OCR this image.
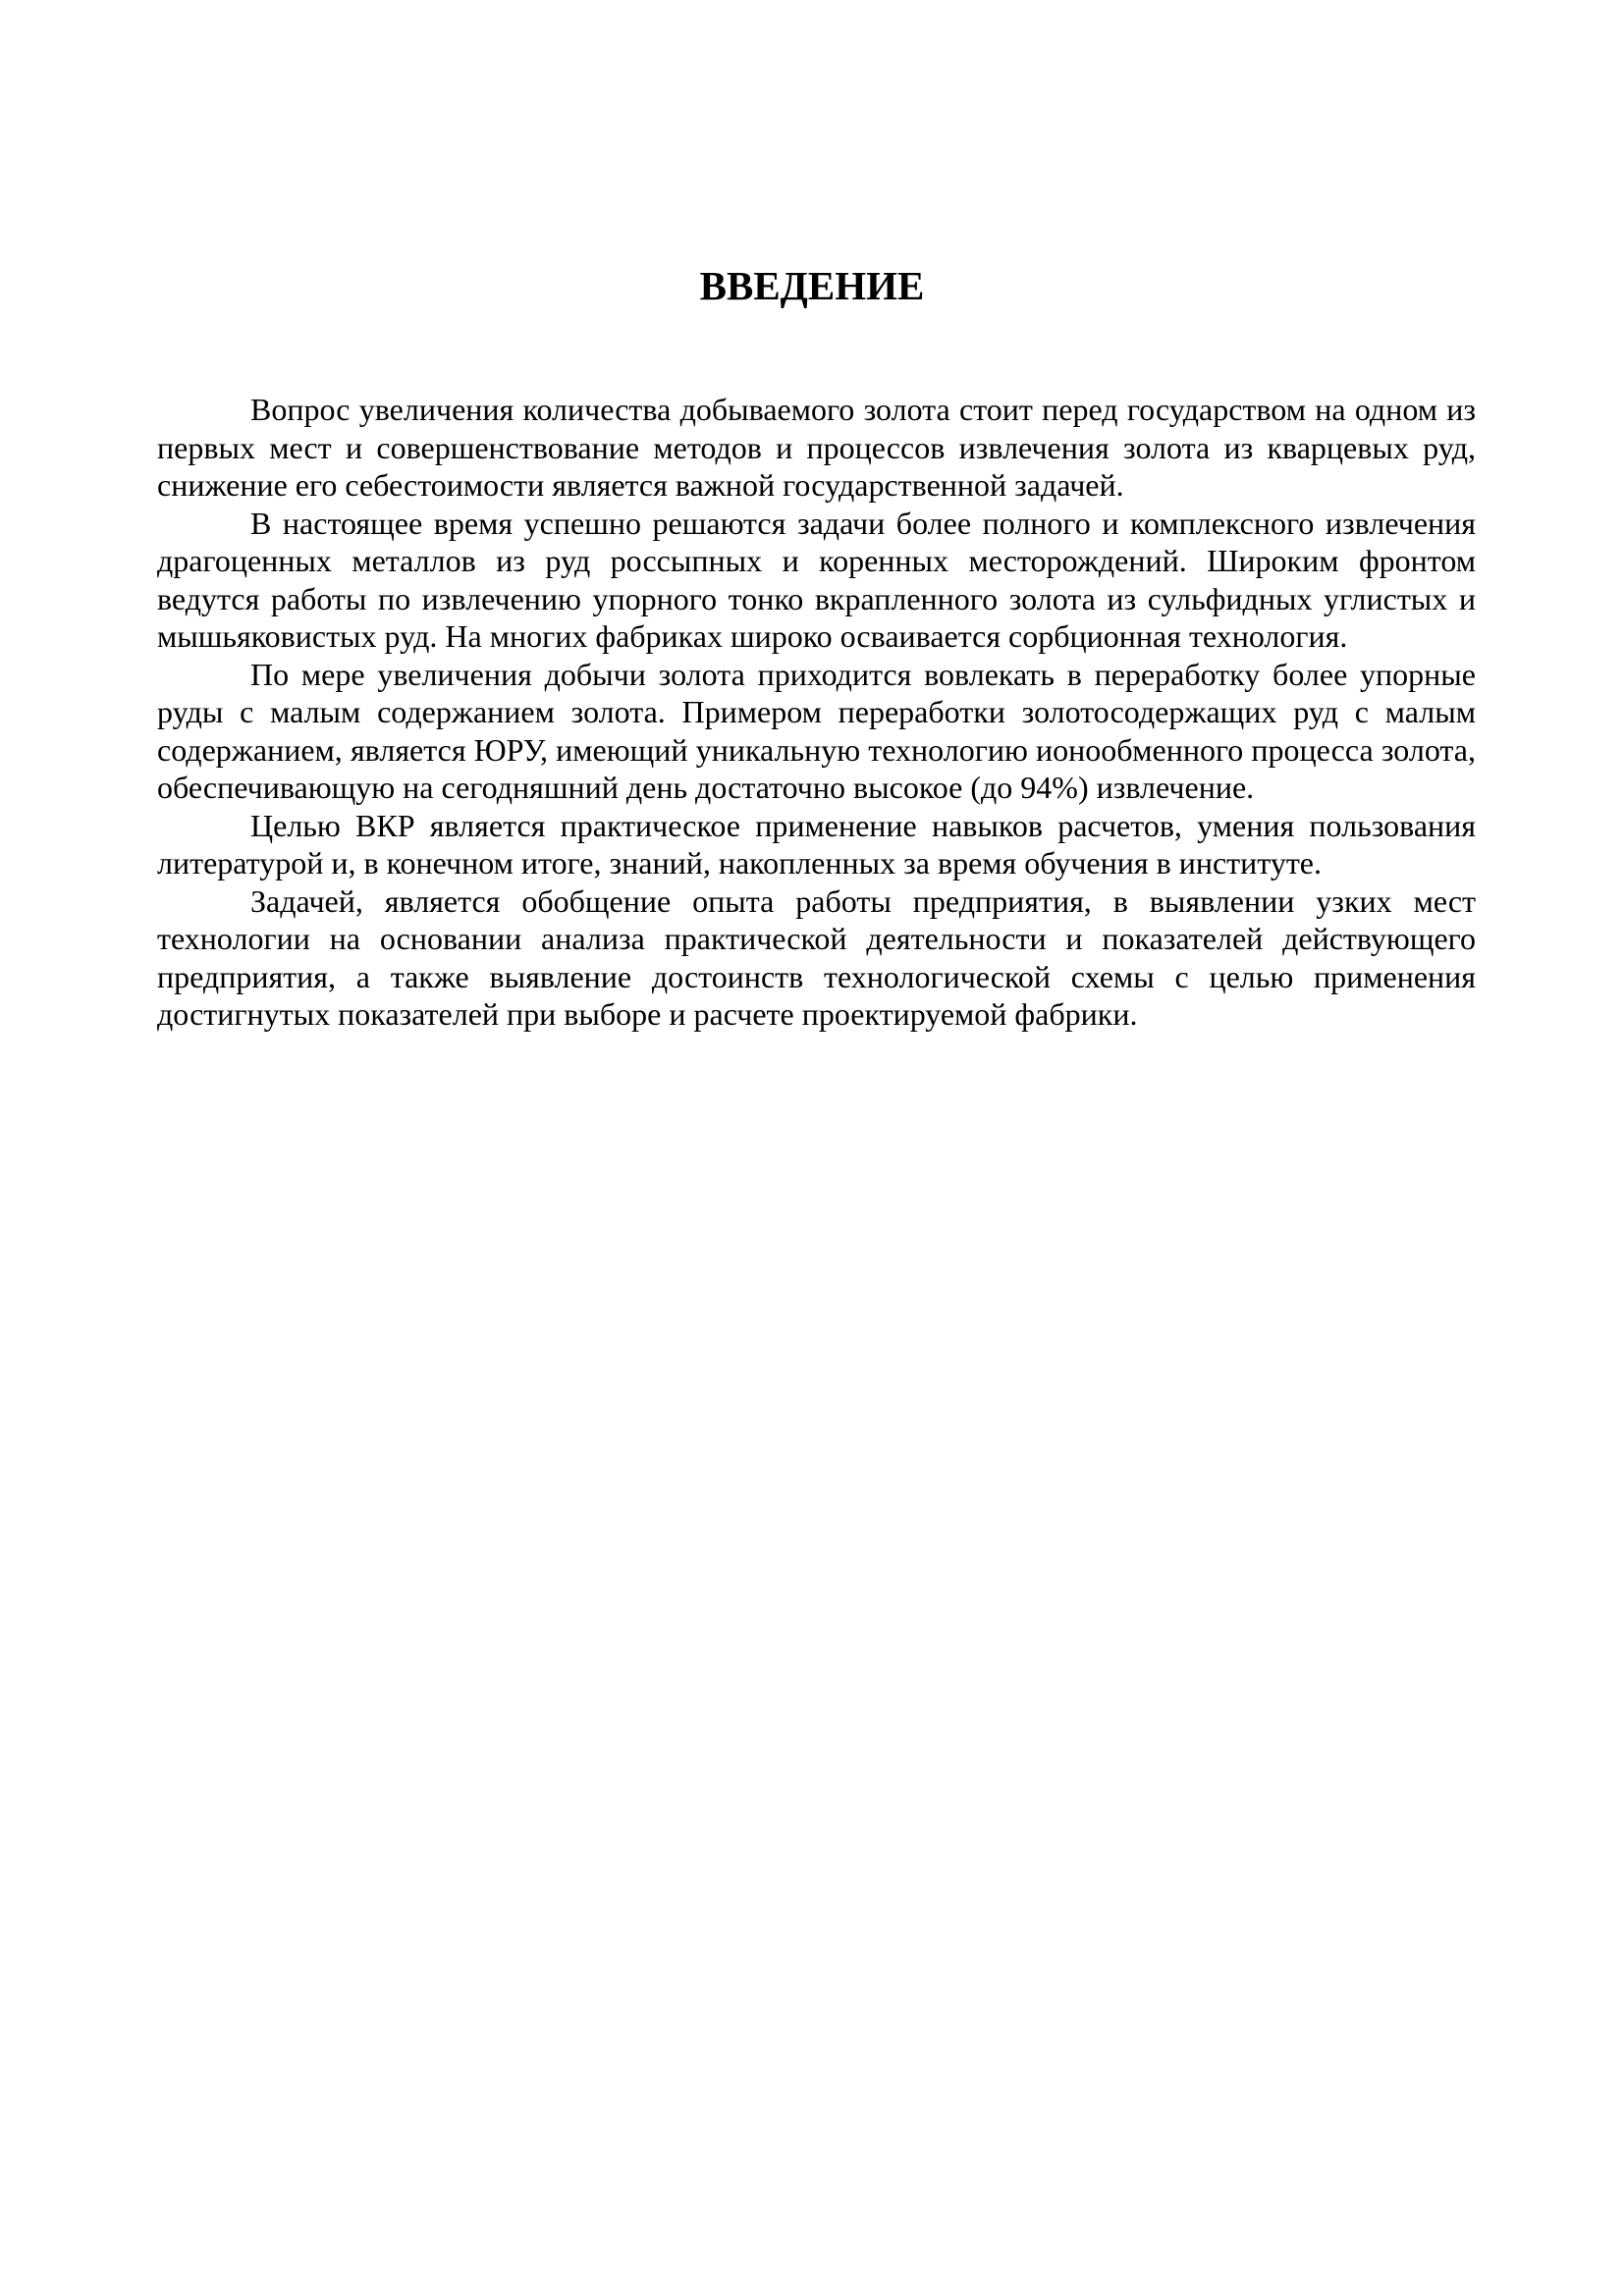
ВВЕДЕНИЕ

Вопрос увеличения количества добываемого золота стоит перед государством на одном из первых мест и совершенствование методов и процессов извлечения золота из кварцевых руд, снижение его себестоимости является важной государственной задачей.

В настоящее время успешно решаются задачи более полного и комплексного извлечения драгоценных металлов из руд россыпных и коренных месторождений. Широким фронтом ведутся работы по извлечению упорного тонко вкрапленного золота из сульфидных углистых и мышьяковистых руд. На многих фабриках широко осваивается сорбционная технология.

По мере увеличения добычи золота приходится вовлекать в переработку более упорные руды с малым содержанием золота. Примером переработки золотосодержащих руд с малым содержанием, является ЮРУ, имеющий уникальную технологию ионообменного процесса золота, обеспечивающую на сегодняшний день достаточно высокое (до 94%) извлечение.

Целью ВКР является практическое применение навыков расчетов, умения пользования литературой и, в конечном итоге, знаний, накопленных за время обучения в институте.

Задачей, является обобщение опыта работы предприятия, в выявлении узких мест технологии на основании анализа практической деятельности и показателей действующего предприятия, а также выявление достоинств технологической схемы с целью применения достигнутых показателей при выборе и расчете проектируемой фабрики.
